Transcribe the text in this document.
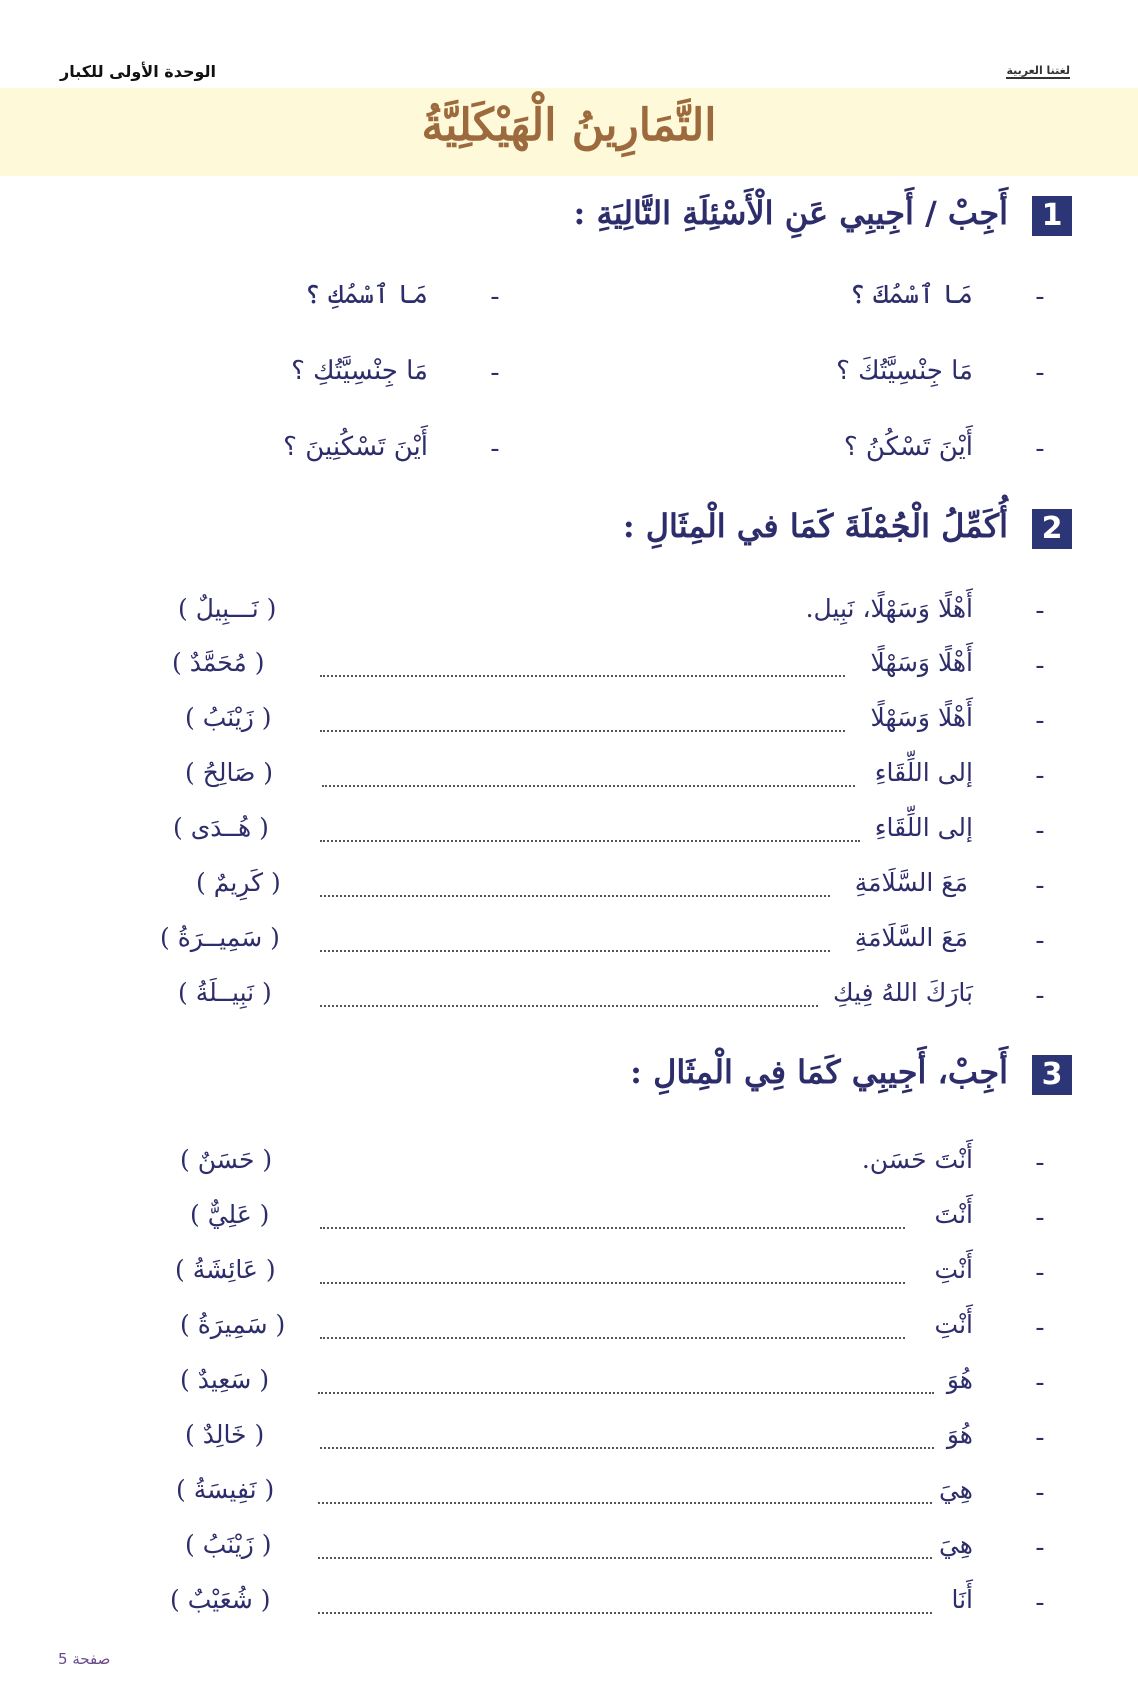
الوحدة الأولى للكبار	لغتنا العربية
التَّمَارِينُ الْهَيْكَلِيَّةُ
1
أَجِبْ / أَجِيبِي عَنِ الْأَسْئِلَةِ التَّالِيَةِ :
-
مَا ٱسْمُكَ ؟
-
مَا ٱسْمُكِ ؟
-
مَا جِنْسِيَّتُكَ ؟
-
مَا جِنْسِيَّتُكِ ؟
-
أَيْنَ تَسْكُنُ ؟
-
أَيْنَ تَسْكُنِينَ ؟
2
أُكَمِّلُ الْجُمْلَةَ كَمَا في الْمِثَالِ :
-
أَهْلًا وَسَهْلًا، نَبِيل.
( نَـــبِيلٌ )
-
أَهْلًا وَسَهْلًا
( مُحَمَّدٌ )
-
أَهْلًا وَسَهْلًا
( زَيْنَبُ )
-
إلى اللِّقَاءِ
( صَالِحُ )
-
إلى اللِّقَاءِ
( هُــدَى )
-
مَعَ السَّلَامَةِ
( كَرِيمٌ )
-
مَعَ السَّلَامَةِ
( سَمِيــرَةُ )
-
بَارَكَ اللهُ فِيكِ
( نَبِيــلَةُ )
3
أَجِبْ، أَجِيبِي كَمَا فِي الْمِثَالِ :
-
أَنْتَ حَسَن.
( حَسَنٌ )
-
أَنْتَ
( عَلِيٌّ )
-
أَنْتِ
( عَائِشَةُ )
-
أَنْتِ
( سَمِيرَةُ )
-
هُوَ
( سَعِيدٌ )
-
هُوَ
( خَالِدٌ )
-
هِيَ
( نَفِيسَةُ )
-
هِيَ
( زَيْنَبُ )
-
أَنَا
( شُعَيْبٌ )
صفحة 5
